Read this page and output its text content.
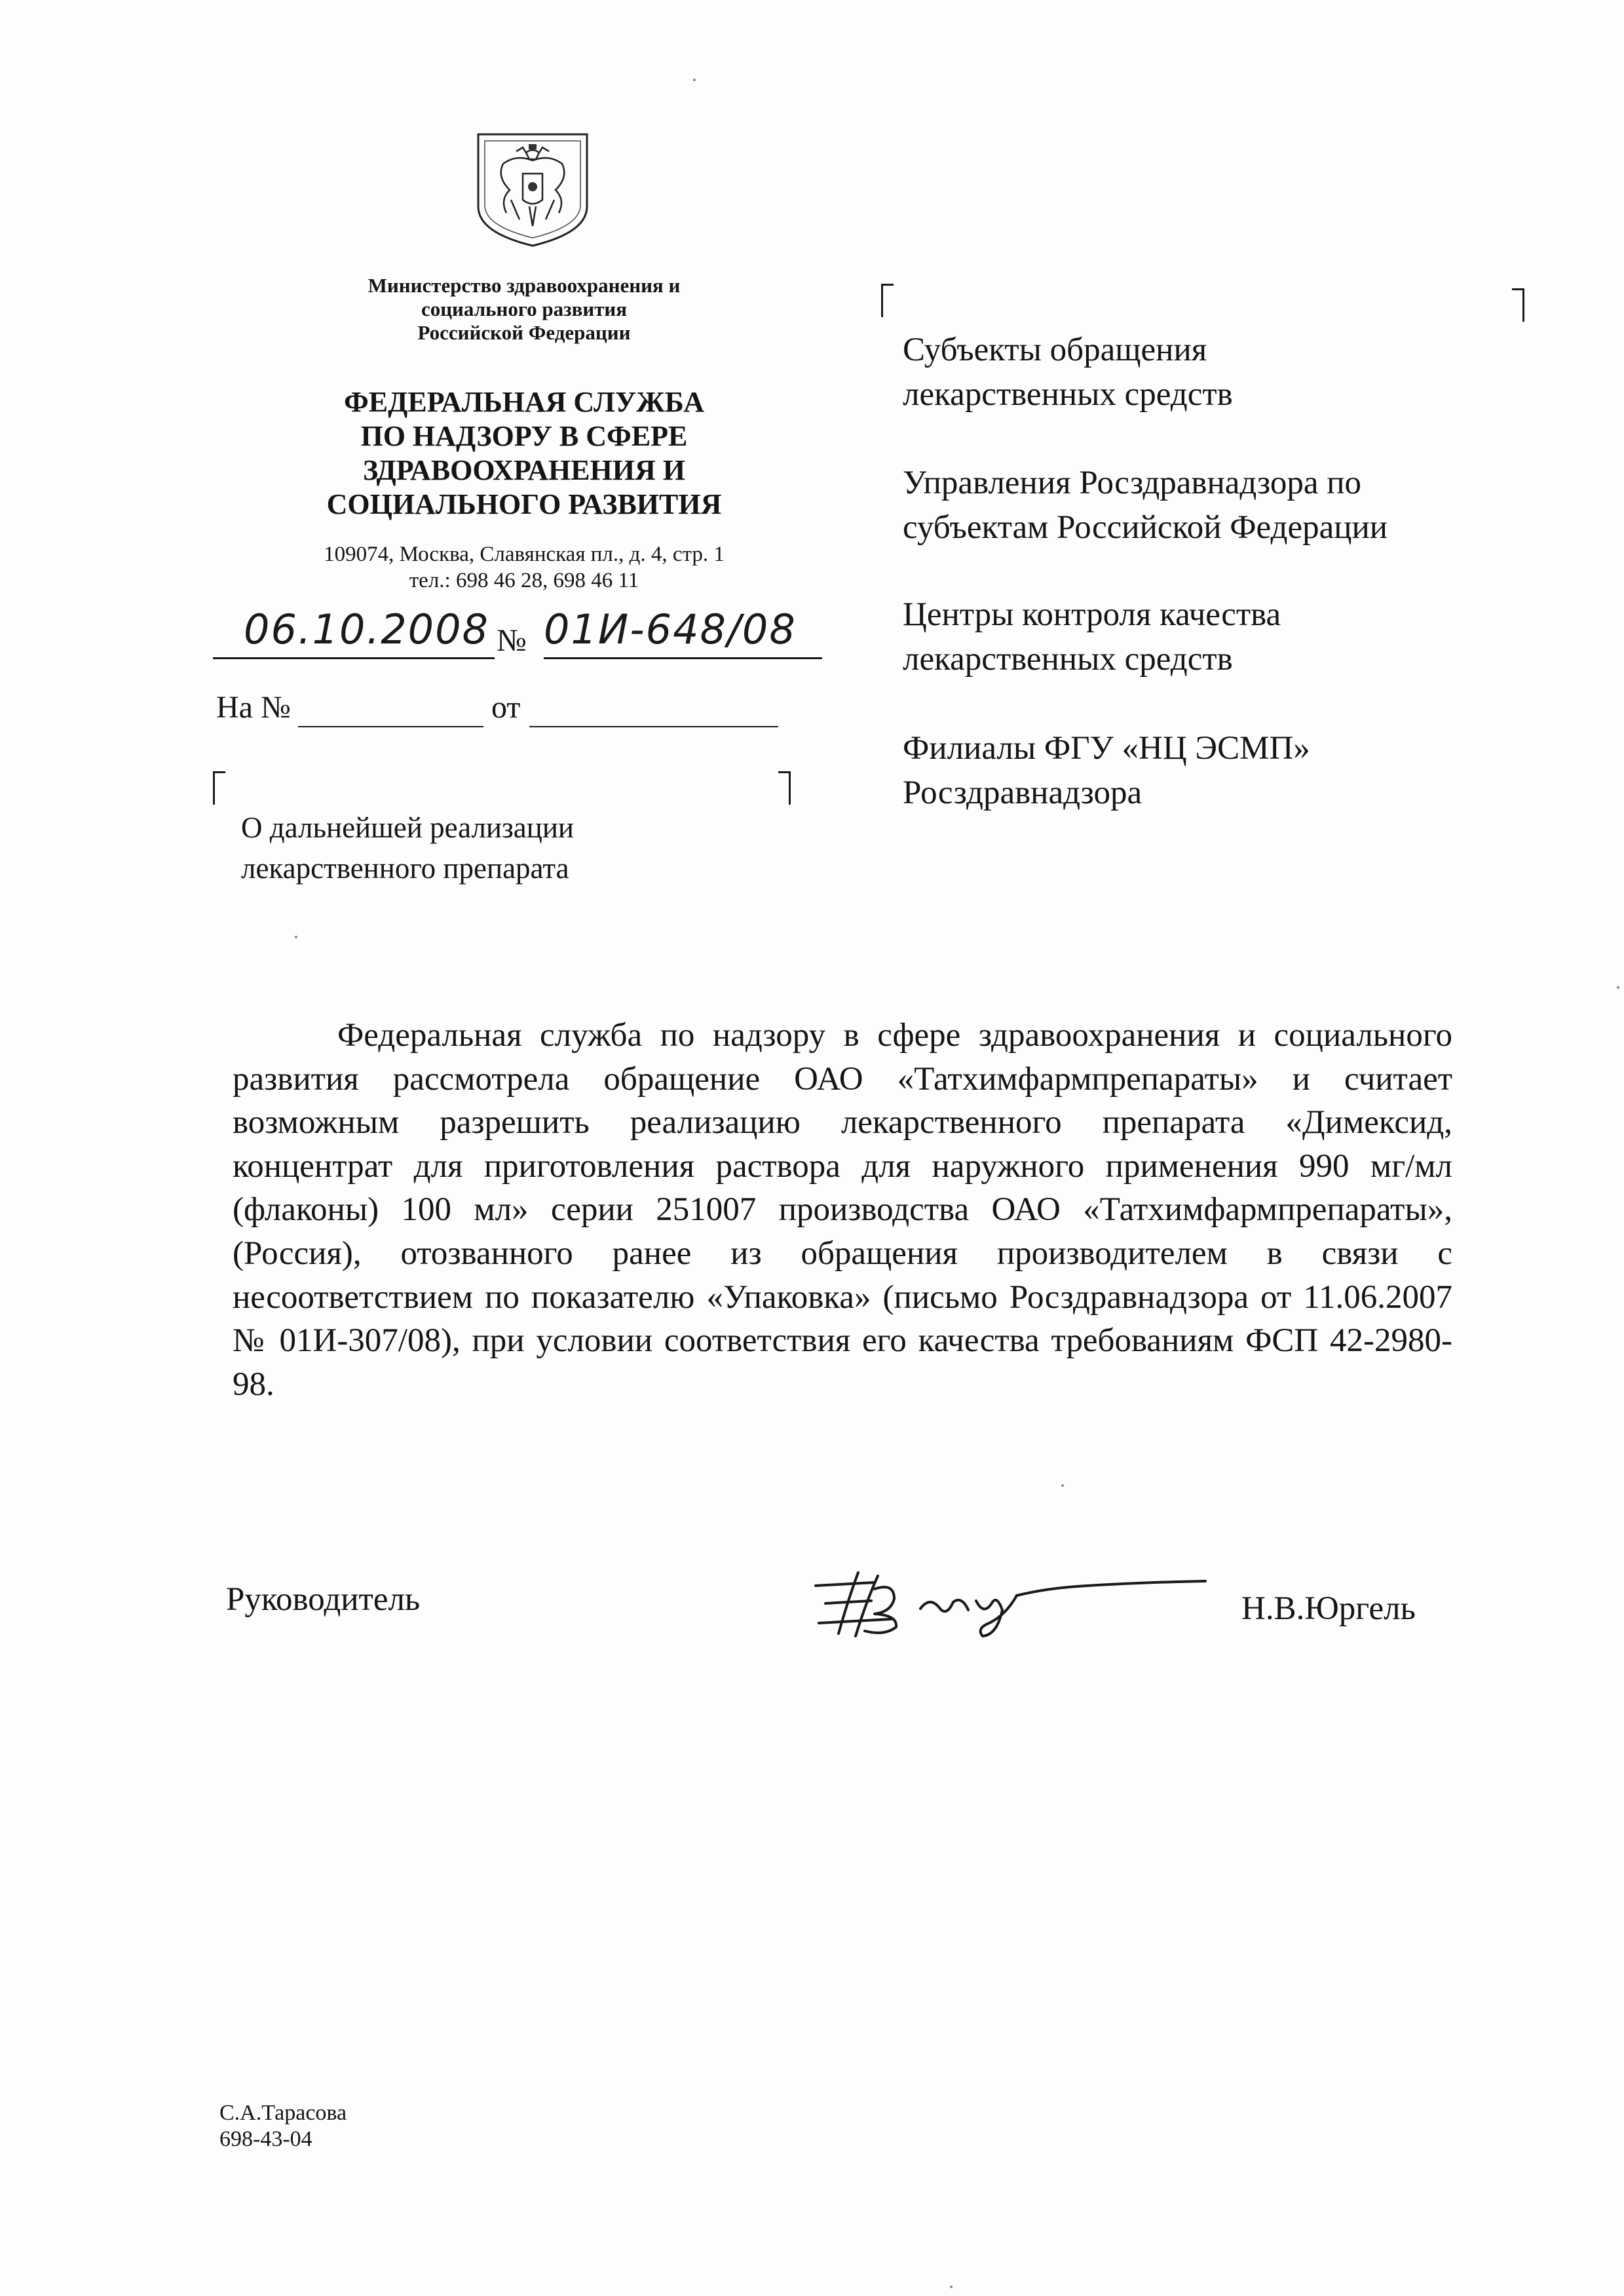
Министерство здравоохранения и
социального развития
Российской Федерации
ФЕДЕРАЛЬНАЯ СЛУЖБА
ПО НАДЗОРУ В СФЕРЕ
ЗДРАВООХРАНЕНИЯ И
СОЦИАЛЬНОГО РАЗВИТИЯ
109074, Москва, Славянская пл., д. 4, стр. 1
тел.: 698 46 28, 698 46 11
06.10.2008 № 01И-648/08
На №	от
О дальнейшей реализации
лекарственного препарата
Субъекты обращения
лекарственных средств
Управления Росздравнадзора по
субъектам Российской Федерации
Центры контроля качества
лекарственных средств
Филиалы ФГУ «НЦ ЭСМП»
Росздравнадзора

Федеральная служба по надзору в сфере здравоохранения и социального развития рассмотрела обращение ОАО «Татхимфармпрепараты» и считает возможным разрешить реализацию лекарственного препарата «Димексид, концентрат для приготовления раствора для наружного применения 990 мг/мл (флаконы) 100 мл» серии 251007 производства ОАО «Татхимфармпрепараты», (Россия), отозванного ранее из обращения производителем в связи с несоответствием по показателю «Упаковка» (письмо Росздравнадзора от 11.06.2007 № 01И-307/08), при условии соответствия его качества требованиям ФСП 42-2980-98.

Руководитель	Н.В.Юргель
С.А.Тарасова
698-43-04
